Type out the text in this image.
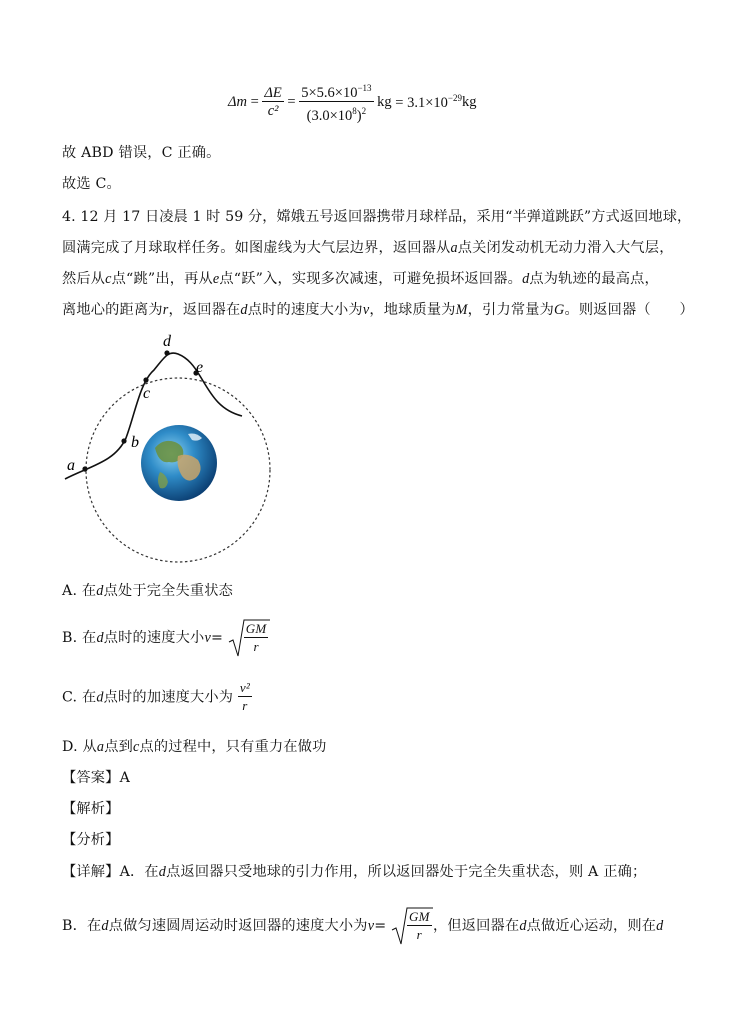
$\Delta m = \frac{\Delta E}{\text{c²}} = \frac{5\times 5.6\times 10^{-13}}{(3.0\times 10^8)^2}$ kg = $3.1\times 10^{-29}kg$
故 ABD 错误，C 正确。
故选 C。
4. 12 月 17 日凌晨 1 时 59 分，嫦娥五号返回器携带月球样品，采用“半弹道跳跃”方式返回地球，
圆满完成了月球取样任务。如图虚线为大气层边界，返回器从a点关闭发动机无动力滑入大气层，
然后从c点“跳”出，再从e点“跃”入，实现多次减速，可避免损坏返回器。d点为轨迹的最高点，
离地心的距离为r，返回器在d点时的速度大小为v，地球质量为M，引力常量为G。则返回器（　　）
a
b
c
d
e
A. 在d点处于完全失重状态
B. 在d点时的速度大小$v= \frac{GM}{r}$
C. 在d点时的加速度大小为 $\frac{\text{v²}}{r}$
D. 从a点到c点的过程中，只有重力在做功
【答案】A
【解析】
【分析】
【详解】A．在d点返回器只受地球的引力作用，所以返回器处于完全失重状态，则 A 正确；
B．在d点做匀速圆周运动时返回器的速度大小为$v= \frac{GM}{r}$ ，但返回器在d点做近心运动，则在d
